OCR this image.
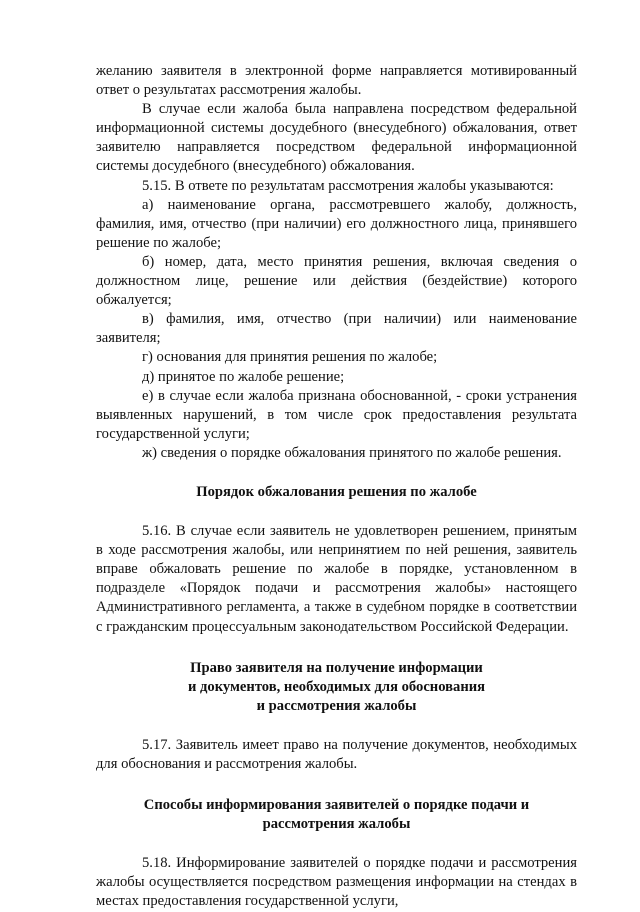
желанию заявителя в электронной форме направляется мотивированный ответ о результатах рассмотрения жалобы.

В случае если жалоба была направлена посредством федеральной информационной системы досудебного (внесудебного) обжалования, ответ заявителю направляется посредством федеральной информационной системы досудебного (внесудебного) обжалования.

5.15. В ответе по результатам рассмотрения жалобы указываются:

а) наименование органа, рассмотревшего жалобу, должность, фамилия, имя, отчество (при наличии) его должностного лица, принявшего решение по жалобе;

б) номер, дата, место принятия решения, включая сведения о должностном лице, решение или действия (бездействие) которого обжалуется;

в) фамилия, имя, отчество (при наличии) или наименование заявителя;

г) основания для принятия решения по жалобе;

д) принятое по жалобе решение;

е) в случае если жалоба признана обоснованной, - сроки устранения выявленных нарушений, в том числе срок предоставления результата государственной услуги;

ж) сведения о порядке обжалования принятого по жалобе решения.

Порядок обжалования решения по жалобе

5.16. В случае если заявитель не удовлетворен решением, принятым в ходе рассмотрения жалобы, или непринятием по ней решения, заявитель вправе обжаловать решение по жалобе в порядке, установленном в подразделе «Порядок подачи и рассмотрения жалобы» настоящего Административного регламента, а также в судебном порядке в соответствии с гражданским процессуальным законодательством Российской Федерации.

Право заявителя на получение информации
и документов, необходимых для обоснования
и рассмотрения жалобы

5.17. Заявитель имеет право на получение документов, необходимых для обоснования и рассмотрения жалобы.

Способы информирования заявителей о порядке подачи и
рассмотрения жалобы

5.18. Информирование заявителей о порядке подачи и рассмотрения жалобы осуществляется посредством размещения информации на стендах в местах предоставления государственной услуги,
